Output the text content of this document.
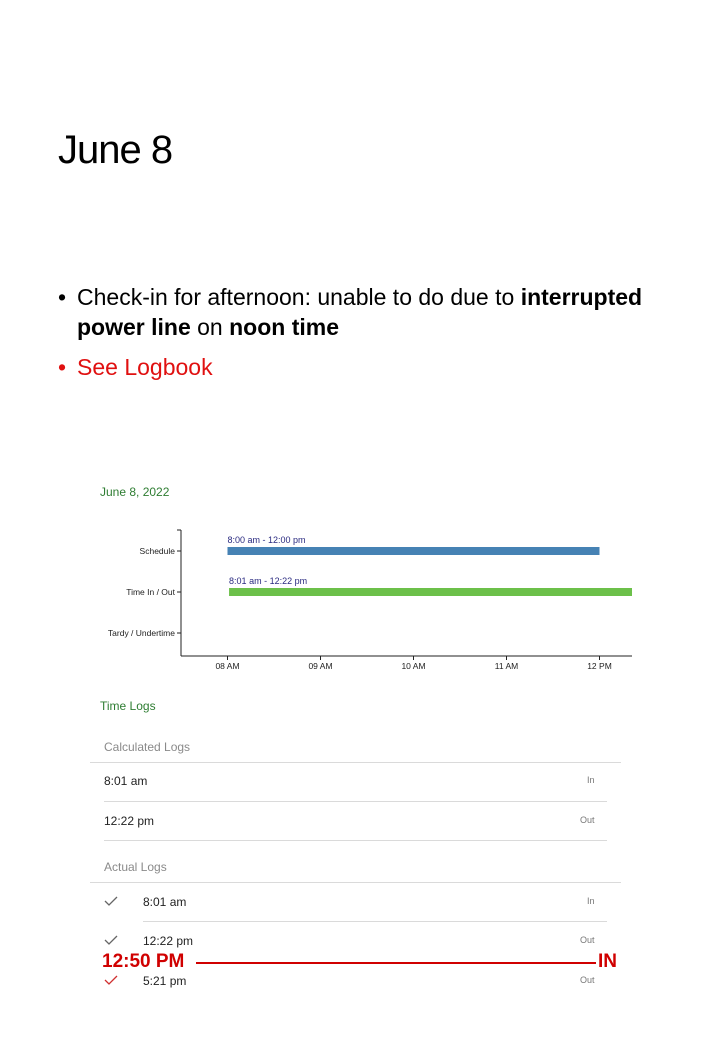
June 8
• Check-in for afternoon: unable to do due to interrupted power line on noon time
• See Logbook
June 8, 2022
Schedule
Time In / Out
Tardy / Undertime
08 AM	09 AM	10 AM	11 AM	12 PM
8:00 am - 12:00 pm
8:01 am - 12:22 pm
Time Logs
Calculated Logs
8:01 am	In
12:22 pm	Out
Actual Logs
8:01 am	In
12:22 pm	Out
5:21 pm	Out
12:50 PM	IN
